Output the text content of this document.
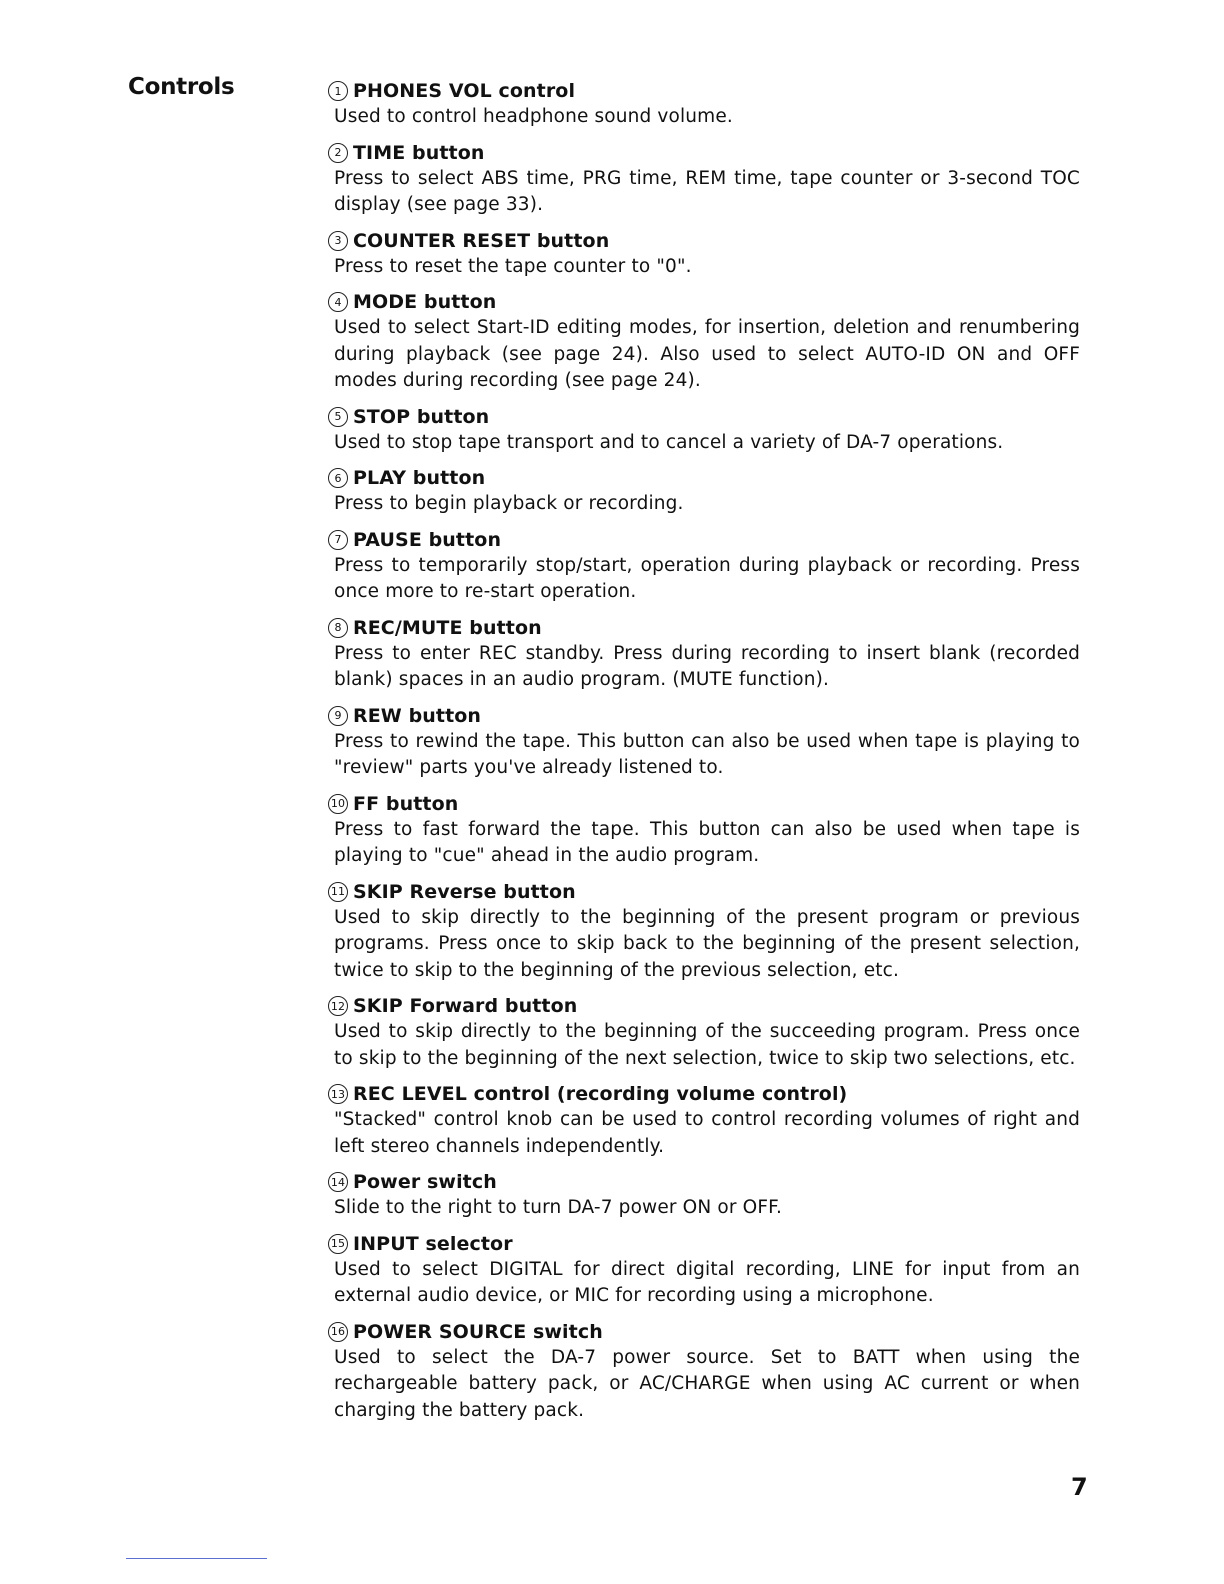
Controls	1 PHONES VOL control
Used to control headphone sound volume.
2 TIME button
Press to select ABS time, PRG time, REM time, tape counter or 3-second TOC display (see page 33).
3 COUNTER RESET button
Press to reset the tape counter to "0".
4 MODE button
Used to select Start-ID editing modes, for insertion, deletion and renumbering during playback (see page 24). Also used to select AUTO-ID ON and OFF modes during recording (see page 24).
5 STOP button
Used to stop tape transport and to cancel a variety of DA-7 operations.
6 PLAY button
Press to begin playback or recording.
7 PAUSE button
Press to temporarily stop/start, operation during playback or recording. Press once more to re-start operation.
8 REC/MUTE button
Press to enter REC standby. Press during recording to insert blank (recorded blank) spaces in an audio program. (MUTE function).
9 REW button
Press to rewind the tape. This button can also be used when tape is playing to "review" parts you've already listened to.
10 FF button
Press to fast forward the tape. This button can also be used when tape is playing to "cue" ahead in the audio program.
11 SKIP Reverse button
Used to skip directly to the beginning of the present program or previous programs. Press once to skip back to the beginning of the present selection, twice to skip to the beginning of the previous selection, etc.
12 SKIP Forward button
Used to skip directly to the beginning of the succeeding program. Press once to skip to the beginning of the next selection, twice to skip two selections, etc.
13 REC LEVEL control (recording volume control)
"Stacked" control knob can be used to control recording volumes of right and left stereo channels independently.
14 Power switch
Slide to the right to turn DA-7 power ON or OFF.
15 INPUT selector
Used to select DIGITAL for direct digital recording, LINE for input from an external audio device, or MIC for recording using a microphone.
16 POWER SOURCE switch
Used to select the DA-7 power source. Set to BATT when using the rechargeable battery pack, or AC/CHARGE when using AC current or when charging the battery pack.
7
